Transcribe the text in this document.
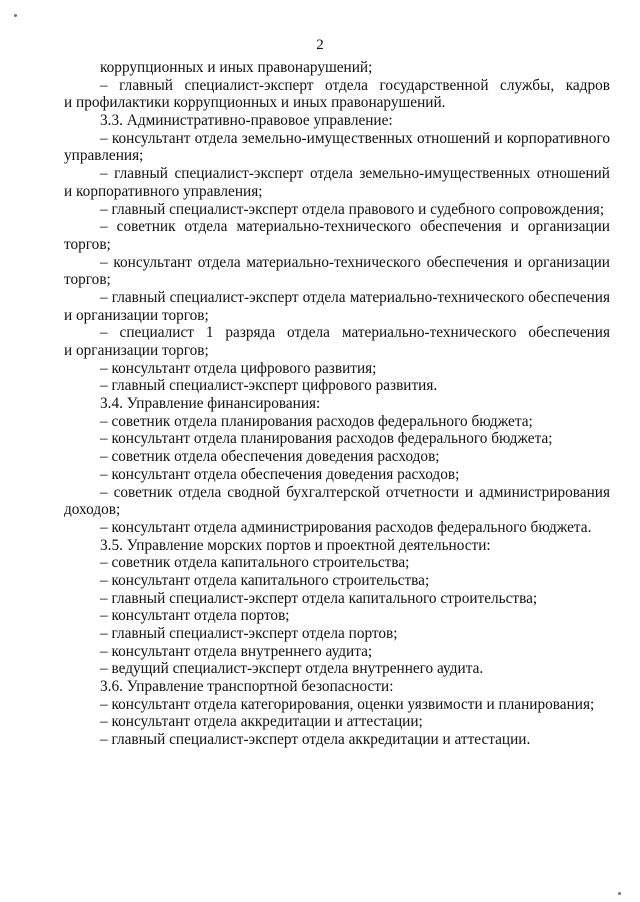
2
коррупционных и иных правонарушений;
– главный специалист-эксперт отдела государственной службы, кадров
и профилактики коррупционных и иных правонарушений.
3.3. Административно-правовое управление:
– консультант отдела земельно-имущественных отношений и корпоративного
управления;
– главный специалист-эксперт отдела земельно-имущественных отношений
и корпоративного управления;
– главный специалист-эксперт отдела правового и судебного сопровождения;
– советник отдела материально-технического обеспечения и организации
торгов;
– консультант отдела материально-технического обеспечения и организации
торгов;
– главный специалист-эксперт отдела материально-технического обеспечения
и организации торгов;
– специалист 1 разряда отдела материально-технического обеспечения
и организации торгов;
– консультант отдела цифрового развития;
– главный специалист-эксперт цифрового развития.
3.4. Управление финансирования:
– советник отдела планирования расходов федерального бюджета;
– консультант отдела планирования расходов федерального бюджета;
– советник отдела обеспечения доведения расходов;
– консультант отдела обеспечения доведения расходов;
– советник отдела сводной бухгалтерской отчетности и администрирования
доходов;
– консультант отдела администрирования расходов федерального бюджета.
3.5. Управление морских портов и проектной деятельности:
– советник отдела капитального строительства;
– консультант отдела капитального строительства;
– главный специалист-эксперт отдела капитального строительства;
– консультант отдела портов;
– главный специалист-эксперт отдела портов;
– консультант отдела внутреннего аудита;
– ведущий специалист-эксперт отдела внутреннего аудита.
3.6. Управление транспортной безопасности:
– консультант отдела категорирования, оценки уязвимости и планирования;
– консультант отдела аккредитации и аттестации;
– главный специалист-эксперт отдела аккредитации и аттестации.
